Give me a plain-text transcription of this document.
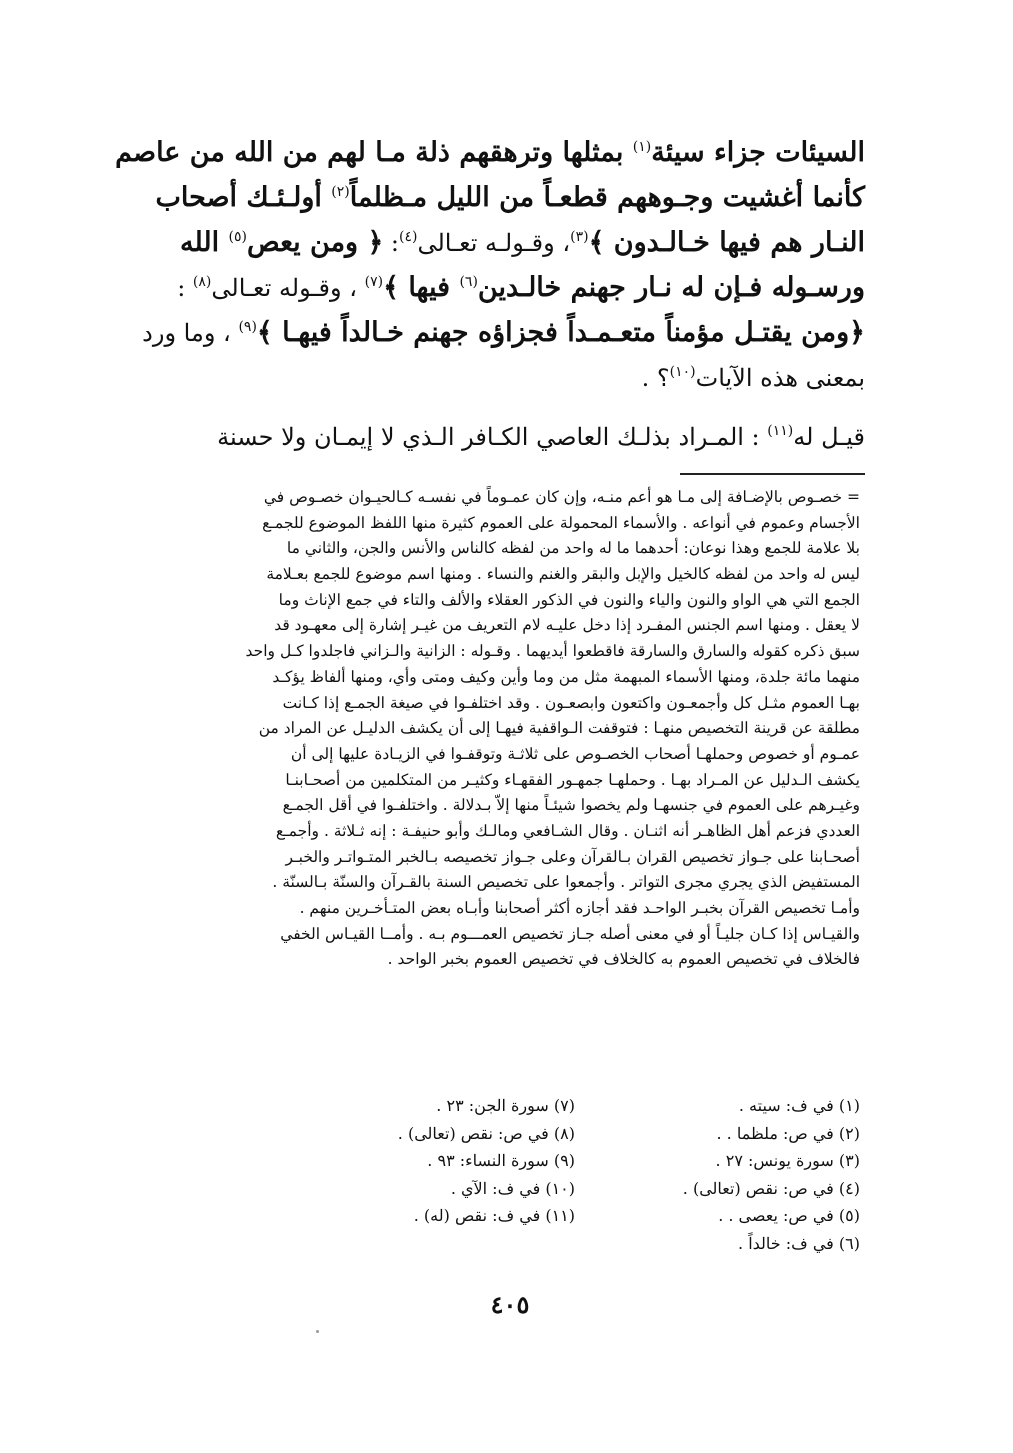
السيئات جزاء سيئة$^{(١)}$ بمثلها وترهقهم ذلة مـا لهم من الله من عاصم
كأنما أغشيت وجـوههم قطعـاً من الليل مـظلماً$^{(٢)}$ أولـئـك أصحاب
النـار هم فيها خـالـدون ﴾$^{(٣)}$، وقـولـه تعـالى$^{(٤)}$: ﴿ ومن يعص$^{(٥)}$ الله
ورسـوله فـإن له نـار جهنم خالـدين$^{(٦)}$ فيها ﴾$^{(٧)}$ ، وقـوله تعـالى$^{(٨)}$ :
﴿ومن يقتـل مؤمناً متعـمـداً فجزاؤه جهنم خـالداً فيهـا ﴾$^{(٩)}$ ، وما ورد
بمعنى هذه الآيات$^{(١٠)}$؟ .
قيـل له$^{(١١)}$ : المـراد بذلـك العاصي الكـافر الـذي لا إيمـان ولا حسنة
= خصـوص بالإضـافة إلى مـا هو أعم منـه، وإن كان عمـوماً في نفسـه كـالحيـوان خصـوص في
الأجسام وعموم في أنواعه . والأسماء المحمولة على العموم كثيرة منها اللفظ الموضوع للجمـع
بلا علامة للجمع وهذا نوعان: أحدهما ما له واحد من لفظه كالناس والأنس والجن، والثاني ما
ليس له واحد من لفظه كالخيل والإبل والبقر والغنم والنساء . ومنها اسم موضوع للجمع بعـلامة
الجمع التي هي الواو والنون والياء والنون في الذكور العقلاء والألف والتاء في جمع الإناث وما
لا يعقل . ومنها اسم الجنس المفـرد إذا دخل عليـه لام التعريف من غيـر إشارة إلى معهـود قد
سبق ذكره كقوله والسارق والسارقة فاقطعوا أيديهما . وقـوله : الزانية والـزاني فاجلدوا كـل واحد
منهما مائة جلدة، ومنها الأسماء المبهمة مثل من وما وأين وكيف ومتى وأي، ومنها ألفاظ يؤكـد
بهـا العموم مثـل كل وأجمعـون واكتعون وابصعـون . وقد اختلفـوا في صيغة الجمـع إذا كـانت
مطلقة عن قرينة التخصيص منهـا : فتوقفت الـواقفية فيهـا إلى أن يكشف الدليـل عن المراد من
عمـوم أو خصوص وحملهـا أصحاب الخصـوص على ثلاثـة وتوقفـوا في الزيـادة عليها إلى أن
يكشف الـدليل عن المـراد بهـا . وحملهـا جمهـور الفقهـاء وكثيـر من المتكلمين من أصحـابنـا
وغيـرهم على العموم في جنسهـا ولم يخصوا شيئـاً منها إلاّ بـدلالة . واختلفـوا في أقل الجمـع
العددي فزعم أهل الظاهـر أنه اثنـان . وقال الشـافعي ومالـك وأبو حنيفـة : إنه ثـلاثة . وأجمـع
أصحـابنا على جـواز تخصيص القران بـالقرآن وعلى جـواز تخصيصه بـالخبر المتـواتـر والخبـر
المستفيض الذي يجري مجرى التواتر . وأجمعوا على تخصيص السنة بالقـرآن والسنّة بـالسنّة .
وأمـا تخصيص القرآن بخبـر الواحـد فقد أجازه أكثر أصحابنا وأبـاه بعض المتـأخـرين منهم .
والقيـاس إذا كـان جليـاً أو في معنى أصله جـاز تخصيص العمـــوم بـه . وأمــا القيـاس الخفي
فالخلاف في تخصيص العموم به كالخلاف في تخصيص العموم بخبر الواحد .
(١) في ف: سيته .
(٢) في ص: ملظما . .
(٣) سورة يونس: ٢٧ .
(٤) في ص: نقص (تعالى) .
(٥) في ص: يعصى . .
(٦) في ف: خالداً .
(٧) سورة الجن: ٢٣ .
(٨) في ص: نقص (تعالى) .
(٩) سورة النساء: ٩٣ .
(١٠) في ف: الآي .
(١١) في ف: نقص (له) .
٤٠٥
